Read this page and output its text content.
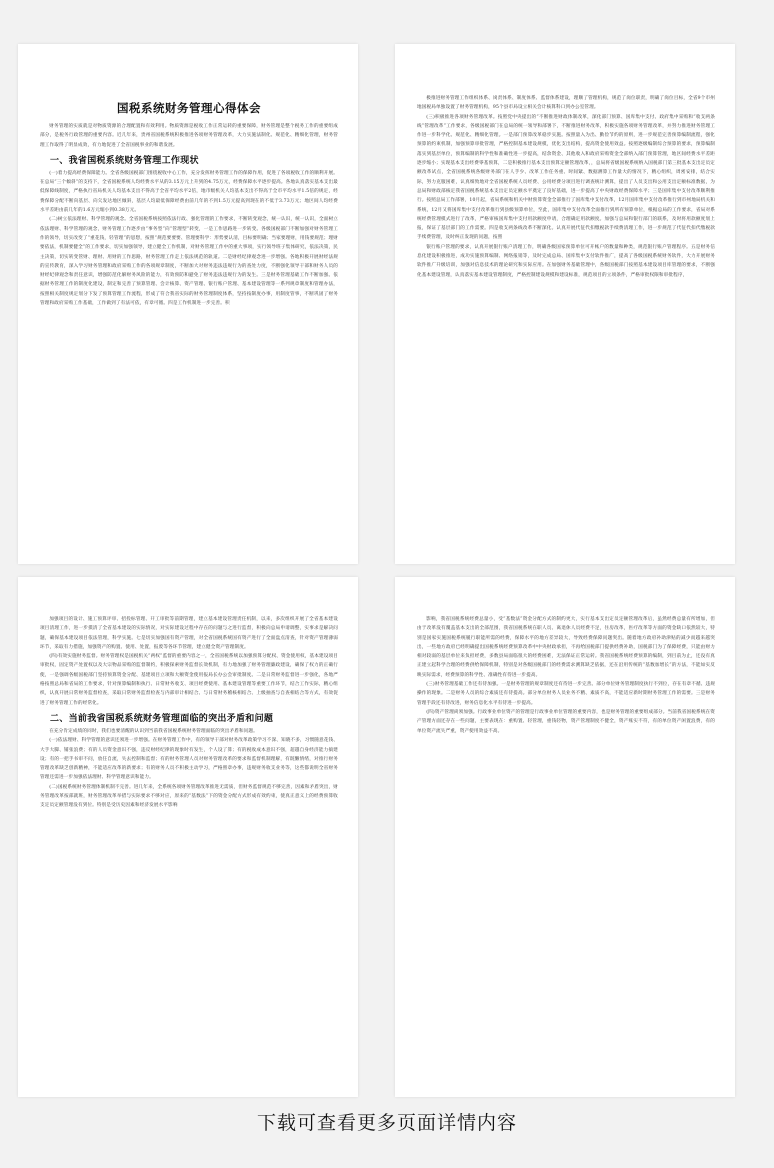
国税系统财务管理心得体会

财务管理的实质就是对物质资源的合理配置和有效利用。物质资源是税收工作正常运转的重要保障，财务管理是整个税务工作的重要组成部分，是税务行政管理的重要内容。近几年来，贵州省国税系统积极推进各项财务管理改革，大力实施法制化、规范化、精细化管理，财务管理工作取得了明显成效，有力地促进了全省国税事业的和谐发展。

一、我省国税系统财务管理工作现状

(一)着力提高经费保障能力。全省各级国税部门围绕税收中心工作，充分发挥财务管理工作的保障作用，促进了各项税收工作的顺利开展。在总局“三个倾斜”的支持下，全省国税系统人均经费水平从的3.15万元上升到的4.75万元，经费保障水平逐步提高。各地认真落实基本支出最低保障线制度，严格执行省局机关人均基本支出不得高于全省平均水平2倍，地市级机关人均基本支出不得高于全市平均水平1.5倍的规定，经费保障分配不断向基层、向欠发达地区倾斜，基层人均最低保障经费由前几年的不到1.5万元提高到现在的不低于3.73万元；地区间人均经费水平差距由前几年的1.6万元缩小到0.38万元。

(二)树立依法理财、科学管理的观念。全省国税系统按照依法行政、强化管理的工作要求，不断转变观念，统一认识，统一认识，全面树立依法理财、科学管理的观念，财务管理工作逐步由“事务型”向“管理型”转变，一是工作思路进一步转变。各级国税部门不断加强对财务管理工作的领导，切实改变了“重花钱，轻管理”的思想，按照“规范要要要、管理要科学：形势要认清，目标要明确；当家要理财，用钱要规范；理财要依法，机制要健全”的工作要求，切实加强领导，建立健全工作机制，对财务管理工作中的重大事项，实行领导班子集体研究，依法决策，民主决策，切实转变管财、理财、用财的工作思路，财务管理工作走上依法规范的轨道。二是财经纪律观念进一步增强。各地积极开展财经法规的宣传教育，深入学习财务管理和政府采购工作的各项规章制度，不断加大对财务违法违规行为的查处力度，不断强化领导干部和财务人员的财经纪律观念和责任意识，增强防范化解财务风险的能力，有效预防和避免了财务违法违规行为的发生。三是财务管理基础工作不断加强。依据财务管理工作的制度化建设，制定和完善了预算管理、会计核算、资产管理、银行账户管理、基本建设管理等一系列规章制度和管理办法，按照相关制度规定划分下发了预算管理工作流程，形成了符合我省实际的财务管理制度体系，坚持按制度办事，用制度管事，不断巩固了财务管理和政府采购工作基础，工作做到了有法可依，有章可循。四是工作机制进一步完善。积

极推进财务管理工作组织体系、岗责体系、制度体系、监督体系建设，理顺了管理机构，规范了岗位职责，明确了岗位目标，全省9个市州地国税局单独设置了财务管理机构，95个县市局设立相关会计核算科口到办公室管理。

(三)积极推进各项财务管理改革。按照党中央提出的“不断推进财政体制改革，深化部门预算、国库集中支付、政府集中采购和“收支两条线”管理改革”工作要求，各级国税部门在总局的统一领导和部署下，不断推进财务改革，积极实施各项财务管理改革，并努力推进财务管理工作进一步科学化、规范化、精细化管理。一是部门预算改革稳步实施。按照量入为出、勤俭节约的原则，进一步规范完善预算编制流程，强化预算的约束机制，加强预算审批管理，严格控制基本建设规模，优化支出结构，提高资金使用效益。按照逐级编制综合预算的要求，预算编制落实到基层单位，预算编制的科学性和准确性进一步提高，结余资金、其他收入和政府采购资金全部纳入部门预算管理，地区间经费水平差距逐步缩小；实现基本支出经费零基预算，二是积极推行基本支出预算定额管理改革，，总局将省级国税系统纳入国税部门第三批基本支出定员定额改革试点，全省国税系统各级财务部门在人手少、改革工作任务重、时间紧、数据测算工作量大的情况下，精心组织，周密安排，结合实际，努力克服困难，认真细致地对全省国税系统人员经费、公用经费分项目进行调查统计测算，提出了人员支出和公用支出定额标准数据，为总局和财政部核定我省国税系统基本支出定员定额水平奠定了良好基础，进一步提高了中央财政经费保障水平；三是国库集中支付改革顺利推行。按照总局工作部署，10月起，省局系统和机关中财预算资金全部推行了国库集中支付改革，12月国库集中支付改革推行到市州地局机关和系统，12月又将国库集中支付改革推行到县级预算单位，至此，国库集中支付改革全面推行到所有预算单位，根据总局的工作要求，省局对系统经费管理模式进行了改革，严格审核国库集中支付用款额度申请，合理确定用款额度。加强与总局和银行部门的联系，及时将用款额度划上报，保证了基层部门的工作需要。四是收支两条线改革不断深化。认真开展代征代扣缴税款手续费清理工作，进一步规范了代征代扣代缴税款手续费管理，及时纠正发现的问题，按照

银行账户管理的要求，认真开展银行账户清理工作，明确各级国家预算单位可开帐户的数量和种类，规范银行账户管理程序。五是财务信息化建设积极推进，成功实施预算编制、网络报销等，及时完成总局、国库集中支付软件推广，提高了各级国税系统财务软件，大力开展财务软件推广升级培训，加强对信息技术的理论研究和实际应用。在加强财务基础管理中，各级国税部门按照基本建设项目库管理的要求，不断强化基本建设管理，认真落实基本建设管理制度，严格控制建设规模和建设标准，规范项目的立项条件，严格审批权限和审批程序，

加强项目的设计、施工预算评审、招投标管理、开工审批等前期管理，建立基本建设管理责任机制，以来，多次组织开展了全省基本建设项目清理工作，进一步摸清了全省基本建设的实际情况，对实际建设过程中存在的问题与之进行监督，积极向总局申请调整，实事求是解决问题，确保基本建设项目依法管理，科学实施。七是切实加强国有资产管理，对全省国税系统国有资产进行了全面盘点清查，针对资产管理薄弱环节，采取有力措施，加强资产的购置、使用、处置，报废等各环节管理，建立健全资产管理制度。

(四)有效实施财务监督。财务管理权是国税机关“两权”监督的重要内容之一，全省国税系统以加强预算分配权、资金使用权，基本建设项目审批权，固定资产处置权以及大宗物品采购的监督制约，积极探索财务监督长效机制，有力地加强了财务管理廉政建设，确保了权力的正确行使，一是强调各级国税部门坚持预算资金分配、基建项目立项和大额资金使用报局长办公会审批制度。二是日常财务监督进一步强化，各地严格按照总局和省局的工作要求，针对预算编制和执行、日常财务收支、项目经费使用、基本建设管理等重要工作环节，结合工作实际，精心组织，认真开展日常财务监督检查，采取日常财务监督检查与内部审计相结合、与日常财务稽核相结合、上级抽查与自查相结合等方式，有效促进了财务管理工作的经常化。

二、当前我省国税系统财务管理面临的突出矛盾和问题

在充分肯定成绩的同时，我们也要清醒的认识到当前我省国税系统财务管理面临的突出矛盾和问题。

(一)依法理财、科学管理的意识还须进一步增强。在财务管理工作中，有的领导干部对财务改革政策学习不深、知晓不多，习惯随意花钱、大手大脚、铺张浪费；有的人员资金意识不强，违反财经纪律的现象时有发生，个人设了算；有的税收成本意识不强，超越自身经济能力搞建设；有的一把手书审不问，放任自流，失去控制和监督；有的财务管理人员对财务管理改革的要求和监督机制理解，有既懒情绪，对推行财务管理改革缺乏创新精神，不能适应改革的新要求；有的财务人员不积极主动学习，严格照章办事，违规财务收支业务等，这些都说明全省财务管理还需进一步加强依法理财、科学管理意识和能力。

(二)国税系统财务管理体制机制不完善。进几年来，全系统各项财务管理改革推进无需质，但财务监督规范不够完善，因素和矛盾突出，财务管理改革按部就班，财务管理改革举措与实际要求不够对应，原来的“基数法”下的资金分配方式形成有效约束，使真正意义上的经费预算收支定员定额管理没有到位。特别是受历史因素和经济发展水平影响

影响，我省国税系统经费总量小，受“基数法”资金分配方式的制约更大，实行基本支出定员定额管理改革后，虽然经费总量有所增加，但由于改革没有覆盖基本支出的全部范围，我省国税系统在职人员、离退休人员经费不足，住房改革，医疗改革等方面的资金缺口依然较大，特别是国家实施国税系统履行职能所需的经费，保障水平的地方差异较大，导致经费保障问题突出。随着地方政府补助津贴的减少而越来越突出，一些地方政府已经明确提出国税系统经费预算改革中中央财政承担，不再给国税部门提供经费补助，国税部门为了保障经费，只能由财力相对较弱的基层单位来负担经费，多数县局面临很大的经费困难，无法保证正常运转。我省国税系统经费预算的编制，到目前为止，还没有真正建立起科学合理的经费供给保障机制，特别是对各级国税部门的经费需求测算缺乏依据，还在沿用传统的“基数加增长”的方法，不能如实反映实际需求，经费预算的科学性、准确性有待进一步提高。

(三)财务管理基础工作还有待加强。一是财务管理的规章制度还有待进一步完善。部分单位财务管理制度执行不到位，存在有章不循、违规操作的现象。二是财务人员的综合素质还有待提高。部分单位财务人员业务不精、素质不高，不能适应新时期财务管理工作的需要。三是财务管理手段还有待改进，财务信息化水平有待进一步提高。

(四)资产管理尚须加强。行政事业单位资产的管理是行政事业单位管理的重要内容，也是财务管理的重要组成部分。当前我省国税系统在资产管理方面还存在一些问题，主要表现在：重购置、轻管理，重钱轻物，资产管理制度不健全，资产账实不符，有的单位资产闲置浪费，有的单位资产流失严重，资产使用效益不高。

下载可查看更多页面详情内容
